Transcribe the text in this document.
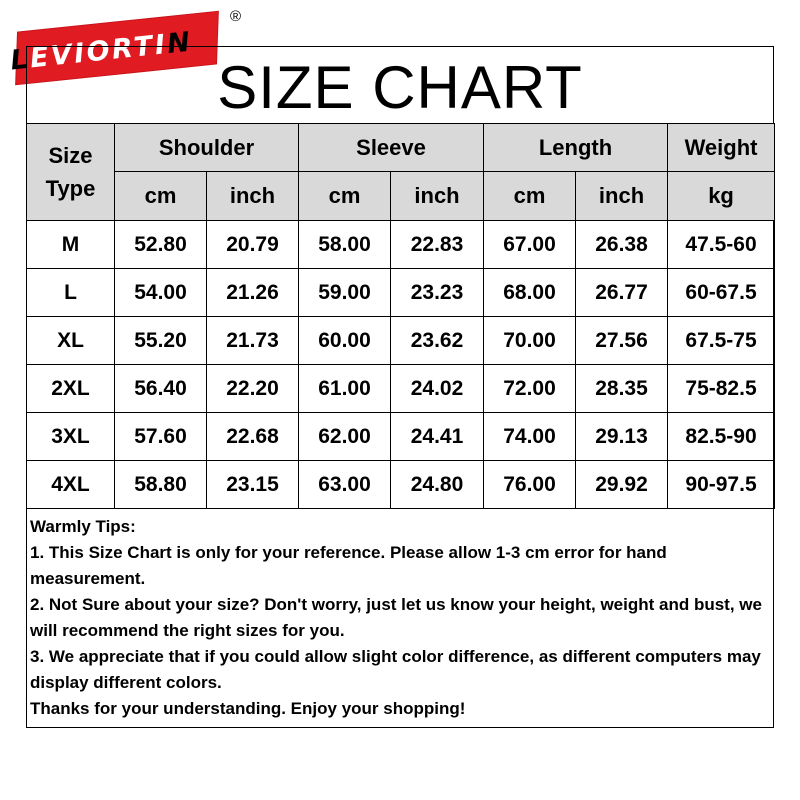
LEVIORTIN
®
SIZE CHART
Size Type	Shoulder		Sleeve		Length		Weight
	cm	inch	cm	inch	cm	inch	kg
M	52.80	20.79	58.00	22.83	67.00	26.38	47.5-60
L	54.00	21.26	59.00	23.23	68.00	26.77	60-67.5
XL	55.20	21.73	60.00	23.62	70.00	27.56	67.5-75
2XL	56.40	22.20	61.00	24.02	72.00	28.35	75-82.5
3XL	57.60	22.68	62.00	24.41	74.00	29.13	82.5-90
4XL	58.80	23.15	63.00	24.80	76.00	29.92	90-97.5

Warmly Tips:

1. This Size Chart is only for your reference. Please allow 1-3 cm error for hand measurement.

2. Not Sure about your size? Don't worry, just let us know your height, weight and bust, we will recommend the right sizes for you.

3. We appreciate that if you could allow slight color difference, as different computers may display different colors.

Thanks for your understanding. Enjoy your shopping!
